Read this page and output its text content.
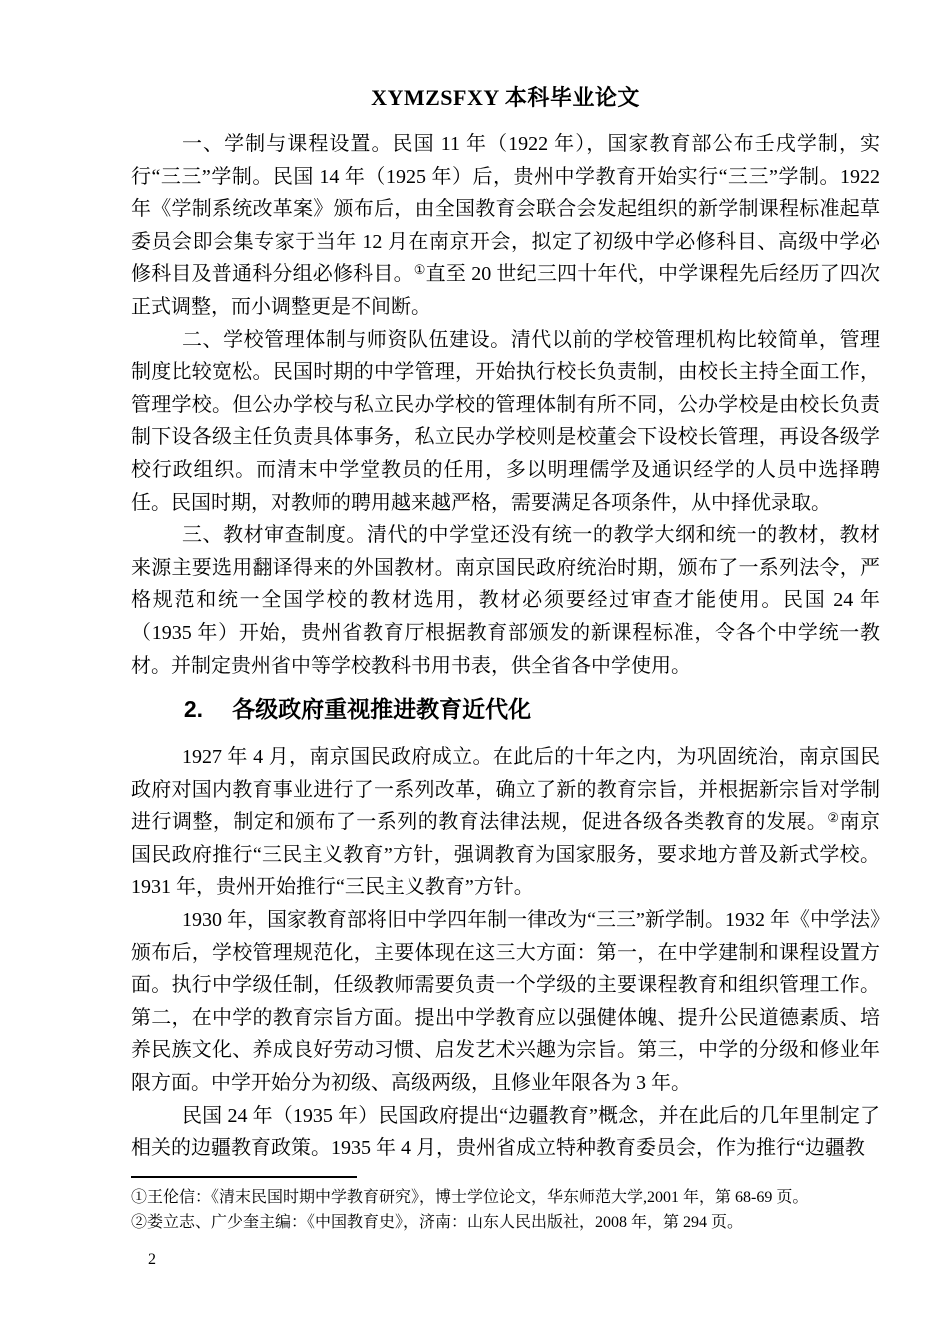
XYMZSFXY 本科毕业论文

一、学制与课程设置。民国 11 年（1922 年），国家教育部公布壬戌学制，实行“三三”学制。民国 14 年（1925 年）后，贵州中学教育开始实行“三三”学制。1922 年《学制系统改革案》颁布后，由全国教育会联合会发起组织的新学制课程标准起草委员会即会集专家于当年 12 月在南京开会，拟定了初级中学必修科目、高级中学必修科目及普通科分组必修科目。①直至 20 世纪三四十年代，中学课程先后经历了四次正式调整，而小调整更是不间断。

二、学校管理体制与师资队伍建设。清代以前的学校管理机构比较简单，管理制度比较宽松。民国时期的中学管理，开始执行校长负责制，由校长主持全面工作，管理学校。但公办学校与私立民办学校的管理体制有所不同，公办学校是由校长负责制下设各级主任负责具体事务，私立民办学校则是校董会下设校长管理，再设各级学校行政组织。而清末中学堂教员的任用，多以明理儒学及通识经学的人员中选择聘任。民国时期，对教师的聘用越来越严格，需要满足各项条件，从中择优录取。

三、教材审查制度。清代的中学堂还没有统一的教学大纲和统一的教材，教材来源主要选用翻译得来的外国教材。南京国民政府统治时期，颁布了一系列法令，严格规范和统一全国学校的教材选用，教材必须要经过审查才能使用。民国 24 年（1935 年）开始，贵州省教育厅根据教育部颁发的新课程标准，令各个中学统一教材。并制定贵州省中等学校教科书用书表，供全省各中学使用。

2. 各级政府重视推进教育近代化

1927 年 4 月，南京国民政府成立。在此后的十年之内，为巩固统治，南京国民政府对国内教育事业进行了一系列改革，确立了新的教育宗旨，并根据新宗旨对学制进行调整，制定和颁布了一系列的教育法律法规，促进各级各类教育的发展。②南京国民政府推行“三民主义教育”方针，强调教育为国家服务，要求地方普及新式学校。1931 年，贵州开始推行“三民主义教育”方针。

1930 年，国家教育部将旧中学四年制一律改为“三三”新学制。1932 年《中学法》颁布后，学校管理规范化，主要体现在这三大方面：第一，在中学建制和课程设置方面。执行中学级任制，任级教师需要负责一个学级的主要课程教育和组织管理工作。第二，在中学的教育宗旨方面。提出中学教育应以强健体魄、提升公民道德素质、培养民族文化、养成良好劳动习惯、启发艺术兴趣为宗旨。第三，中学的分级和修业年限方面。中学开始分为初级、高级两级，且修业年限各为 3 年。

民国 24 年（1935 年）民国政府提出“边疆教育”概念，并在此后的几年里制定了相关的边疆教育政策。1935 年 4 月，贵州省成立特种教育委员会，作为推行“边疆教

①王伦信：《清末民国时期中学教育研究》，博士学位论文，华东师范大学,2001 年，第 68-69 页。

②娄立志、广少奎主编：《中国教育史》，济南：山东人民出版社，2008 年，第 294 页。

2
